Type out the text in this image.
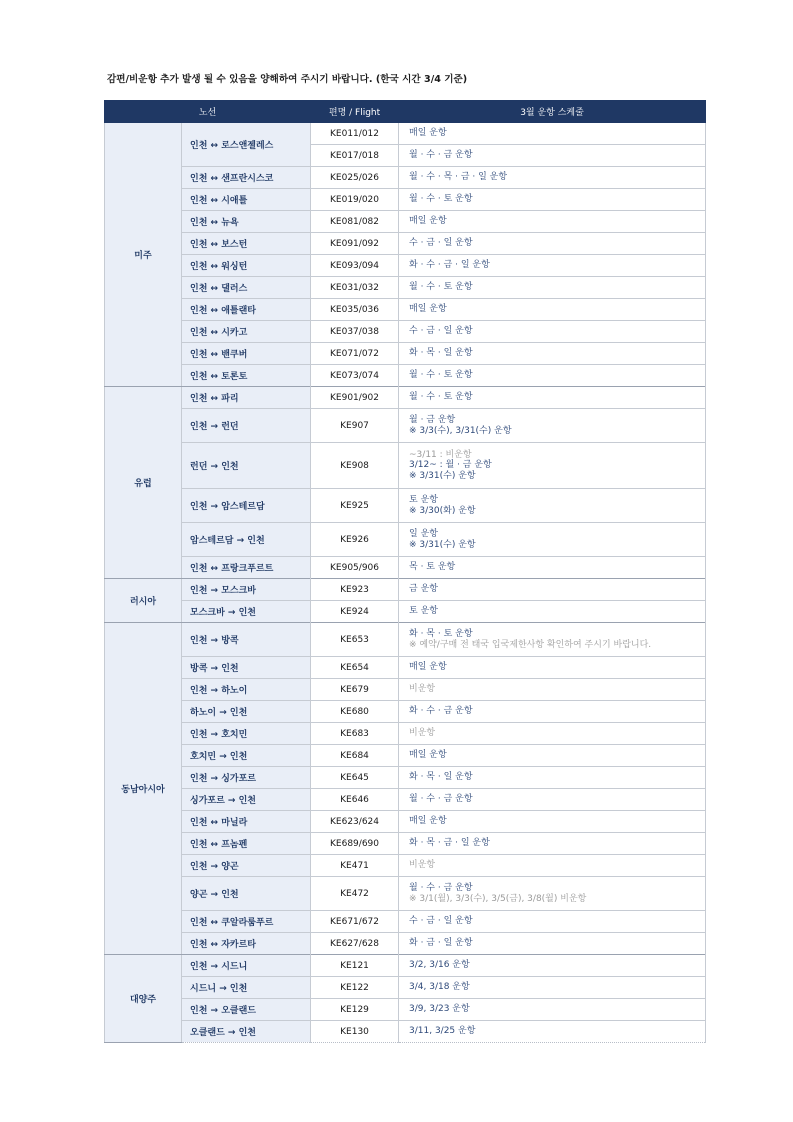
감편/비운항 추가 발생 될 수 있음을 양해하여 주시기 바랍니다. (한국 시간 3/4 기준)
노선		편명 / Flight	3월 운항 스케줄
미주	인천 ↔ 로스앤젤레스	KE011/012	매일 운항

		KE017/018	월 · 수 · 금 운항

	인천 ↔ 샌프란시스코	KE025/026	월 · 수 · 목 · 금 · 일 운항

	인천 ↔ 시애틀	KE019/020	월 · 수 · 토 운항

	인천 ↔ 뉴욕	KE081/082	매일 운항

	인천 ↔ 보스턴	KE091/092	수 · 금 · 일 운항

	인천 ↔ 워싱턴	KE093/094	화 · 수 · 금 · 일 운항

	인천 ↔ 댈러스	KE031/032	월 · 수 · 토 운항

	인천 ↔ 애틀랜타	KE035/036	매일 운항

	인천 ↔ 시카고	KE037/038	수 · 금 · 일 운항

	인천 ↔ 밴쿠버	KE071/072	화 · 목 · 일 운항

	인천 ↔ 토론토	KE073/074	월 · 수 · 토 운항

유럽	인천 ↔ 파리	KE901/902	월 · 수 · 토 운항

	인천 → 런던	KE907	월 · 금 운항
※ 3/3(수), 3/31(수) 운항

	런던 → 인천	KE908	~3/11 : 비운항
3/12~ : 월 · 금 운항
※ 3/31(수) 운항

	인천 → 암스테르담	KE925	토 운항
※ 3/30(화) 운항

	암스테르담 → 인천	KE926	일 운항
※ 3/31(수) 운항

	인천 ↔ 프랑크푸르트	KE905/906	목 · 토 운항

러시아	인천 → 모스크바	KE923	금 운항

	모스크바 → 인천	KE924	토 운항

동남아시아	인천 → 방콕	KE653	화 · 목 · 토 운항
※ 예약/구매 전 태국 입국제한사항 확인하여 주시기 바랍니다.

	방콕 → 인천	KE654	매일 운항

	인천 → 하노이	KE679	비운항

	하노이 → 인천	KE680	화 · 수 · 금 운항

	인천 → 호치민	KE683	비운항

	호치민 → 인천	KE684	매일 운항

	인천 → 싱가포르	KE645	화 · 목 · 일 운항

	싱가포르 → 인천	KE646	월 · 수 · 금 운항

	인천 ↔ 마닐라	KE623/624	매일 운항

	인천 ↔ 프놈펜	KE689/690	화 · 목 · 금 · 일 운항

	인천 → 양곤	KE471	비운항

	양곤 → 인천	KE472	월 · 수 · 금 운항
※ 3/1(월), 3/3(수), 3/5(금), 3/8(월) 비운항

	인천 ↔ 쿠알라룸푸르	KE671/672	수 · 금 · 일 운항

	인천 ↔ 자카르타	KE627/628	화 · 금 · 일 운항

대양주	인천 → 시드니	KE121	3/2, 3/16 운항

	시드니 → 인천	KE122	3/4, 3/18 운항

	인천 → 오클랜드	KE129	3/9, 3/23 운항

	오클랜드 → 인천	KE130	3/11, 3/25 운항
